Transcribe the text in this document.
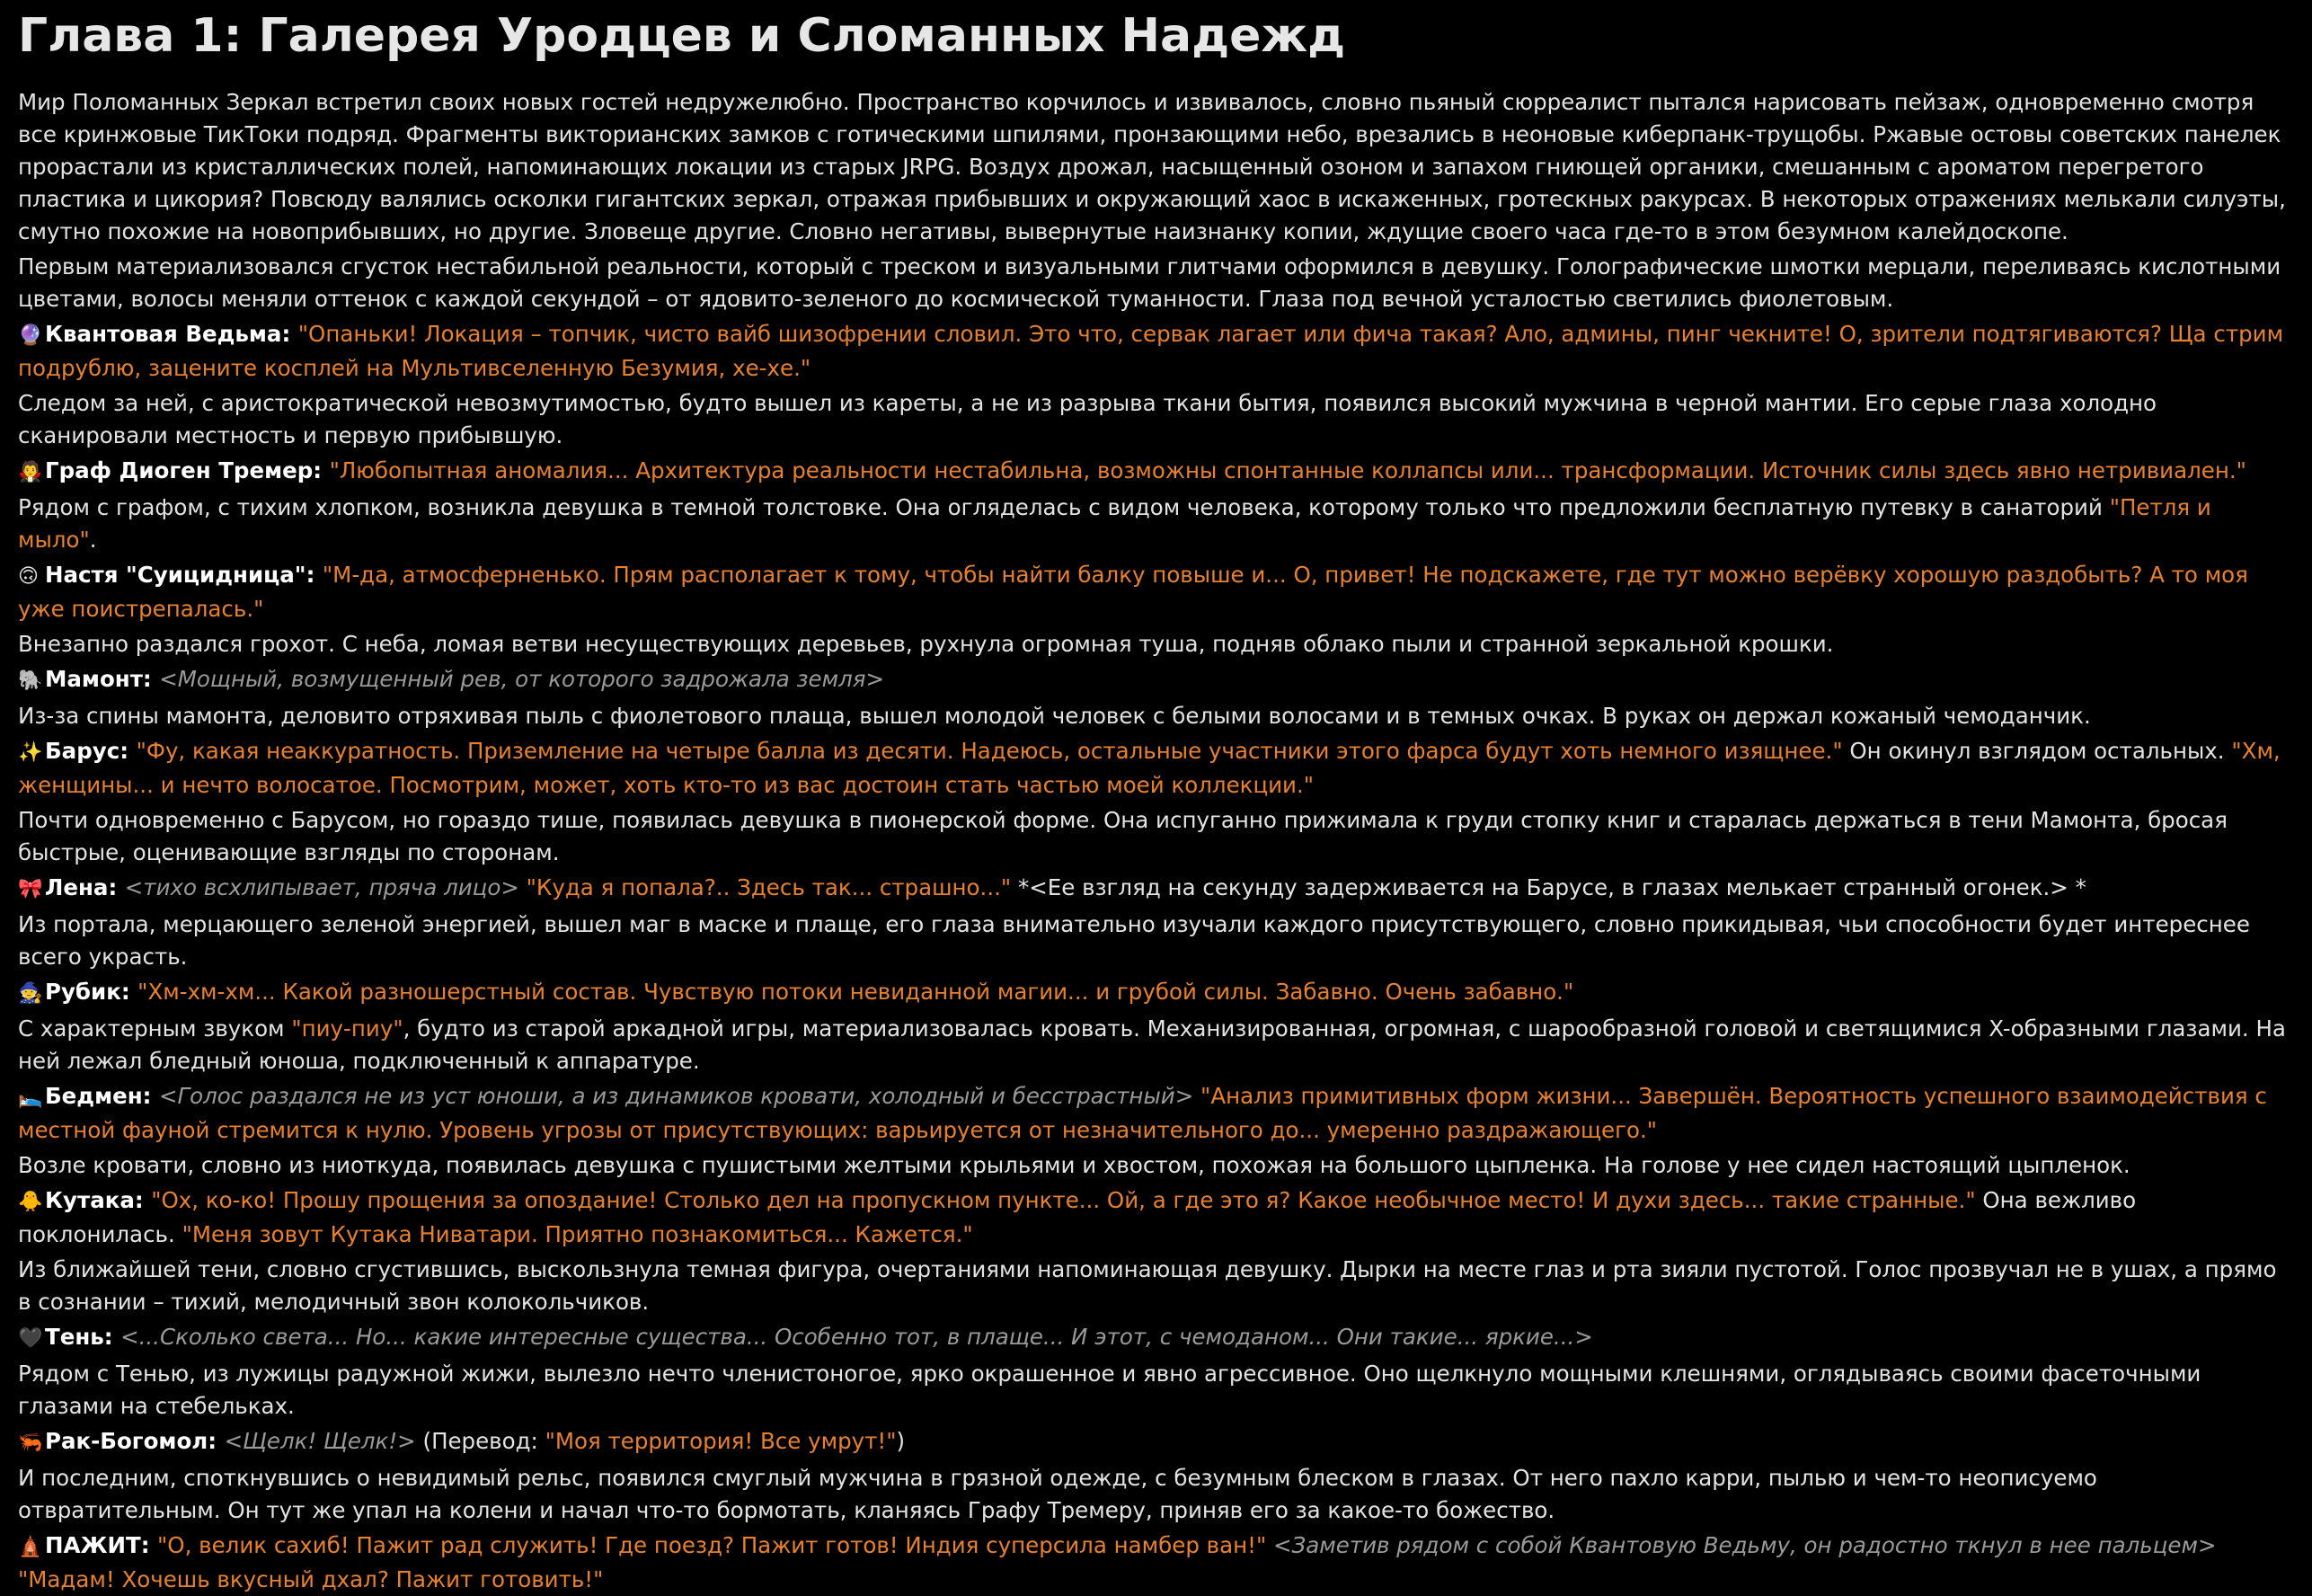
Глава 1: Галерея Уродцев и Сломанных Надежд

Мир Поломанных Зеркал встретил своих новых гостей недружелюбно. Пространство корчилось и извивалось, словно пьяный сюрреалист пытался нарисовать пейзаж, одновременно смотря все кринжовые ТикТоки подряд. Фрагменты викторианских замков с готическими шпилями, пронзающими небо, врезались в неоновые киберпанк-трущобы. Ржавые остовы советских панелек прорастали из кристаллических полей, напоминающих локации из старых JRPG. Воздух дрожал, насыщенный озоном и запахом гниющей органики, смешанным с ароматом перегретого пластика и цикория? Повсюду валялись осколки гигантских зеркал, отражая прибывших и окружающий хаос в искаженных, гротескных ракурсах. В некоторых отражениях мелькали силуэты, смутно похожие на новоприбывших, но другие. Зловеще другие. Словно негативы, вывернутые наизнанку копии, ждущие своего часа где-то в этом безумном калейдоскопе.

Первым материализовался сгусток нестабильной реальности, который с треском и визуальными глитчами оформился в девушку. Голографические шмотки мерцали, переливаясь кислотными цветами, волосы меняли оттенок с каждой секундой – от ядовито-зеленого до космической туманности. Глаза под вечной усталостью светились фиолетовым.

🔮 Квантовая Ведьма: "Опаньки! Локация – топчик, чисто вайб шизофрении словил. Это что, сервак лагает или фича такая? Ало, админы, пинг чекните! О, зрители подтягиваются? Ща стрим подрублю, зацените косплей на Мультивселенную Безумия, хе-хе."

Следом за ней, с аристократической невозмутимостью, будто вышел из кареты, а не из разрыва ткани бытия, появился высокий мужчина в черной мантии. Его серые глаза холодно сканировали местность и первую прибывшую.

🧛 Граф Диоген Тремер: "Любопытная аномалия... Архитектура реальности нестабильна, возможны спонтанные коллапсы или... трансформации. Источник силы здесь явно нетривиален."

Рядом с графом, с тихим хлопком, возникла девушка в темной толстовке. Она огляделась с видом человека, которому только что предложили бесплатную путевку в санаторий "Петля и мыло".

🙃 Настя "Суицидница": "М-да, атмосферненько. Прям располагает к тому, чтобы найти балку повыше и... О, привет! Не подскажете, где тут можно верёвку хорошую раздобыть? А то моя уже поистрепалась."

Внезапно раздался грохот. С неба, ломая ветви несуществующих деревьев, рухнула огромная туша, подняв облако пыли и странной зеркальной крошки.

🐘 Мамонт: <Мощный, возмущенный рев, от которого задрожала земля>

Из-за спины мамонта, деловито отряхивая пыль с фиолетового плаща, вышел молодой человек с белыми волосами и в темных очках. В руках он держал кожаный чемоданчик.

✨ Барус: "Фу, какая неаккуратность. Приземление на четыре балла из десяти. Надеюсь, остальные участники этого фарса будут хоть немного изящнее." Он окинул взглядом остальных. "Хм, женщины... и нечто волосатое. Посмотрим, может, хоть кто-то из вас достоин стать частью моей коллекции."

Почти одновременно с Барусом, но гораздо тише, появилась девушка в пионерской форме. Она испуганно прижимала к груди стопку книг и старалась держаться в тени Мамонта, бросая быстрые, оценивающие взгляды по сторонам.

🎀 Лена: <тихо всхлипывает, пряча лицо> "Куда я попала?.. Здесь так... страшно..." *<Ее взгляд на секунду задерживается на Барусе, в глазах мелькает странный огонек.> *

Из портала, мерцающего зеленой энергией, вышел маг в маске и плаще, его глаза внимательно изучали каждого присутствующего, словно прикидывая, чьи способности будет интереснее всего украсть.

🧙 Рубик: "Хм-хм-хм... Какой разношерстный состав. Чувствую потоки невиданной магии... и грубой силы. Забавно. Очень забавно."

С характерным звуком "пиу-пиу", будто из старой аркадной игры, материализовалась кровать. Механизированная, огромная, с шарообразной головой и светящимися X-образными глазами. На ней лежал бледный юноша, подключенный к аппаратуре.

🛌 Бедмен: <Голос раздался не из уст юноши, а из динамиков кровати, холодный и бесстрастный> "Анализ примитивных форм жизни... Завершён. Вероятность успешного взаимодействия с местной фауной стремится к нулю. Уровень угрозы от присутствующих: варьируется от незначительного до... умеренно раздражающего."

Возле кровати, словно из ниоткуда, появилась девушка с пушистыми желтыми крыльями и хвостом, похожая на большого цыпленка. На голове у нее сидел настоящий цыпленок.

🐥 Кутака: "Ох, ко-ко! Прошу прощения за опоздание! Столько дел на пропускном пункте... Ой, а где это я? Какое необычное место! И духи здесь... такие странные." Она вежливо поклонилась. "Меня зовут Кутака Ниватари. Приятно познакомиться... Кажется."

Из ближайшей тени, словно сгустившись, выскользнула темная фигура, очертаниями напоминающая девушку. Дырки на месте глаз и рта зияли пустотой. Голос прозвучал не в ушах, а прямо в сознании – тихий, мелодичный звон колокольчиков.

🖤 Тень: <...Сколько света... Но... какие интересные существа... Особенно тот, в плаще... И этот, с чемоданом... Они такие... яркие...>

Рядом с Тенью, из лужицы радужной жижи, вылезло нечто членистоногое, ярко окрашенное и явно агрессивное. Оно щелкнуло мощными клешнями, оглядываясь своими фасеточными глазами на стебельках.

🦐 Рак-Богомол: <Щелк! Щелк!> (Перевод: "Моя территория! Все умрут!")

И последним, споткнувшись о невидимый рельс, появился смуглый мужчина в грязной одежде, с безумным блеском в глазах. От него пахло карри, пылью и чем-то неописуемо отвратительным. Он тут же упал на колени и начал что-то бормотать, кланяясь Графу Тремеру, приняв его за какое-то божество.

🛕 ПАЖИТ: "О, велик сахиб! Пажит рад служить! Где поезд? Пажит готов! Индия суперсила намбер ван!" <Заметив рядом с собой Квантовую Ведьму, он радостно ткнул в нее пальцем> "Мадам! Хочешь вкусный дхал? Пажит готовить!"
